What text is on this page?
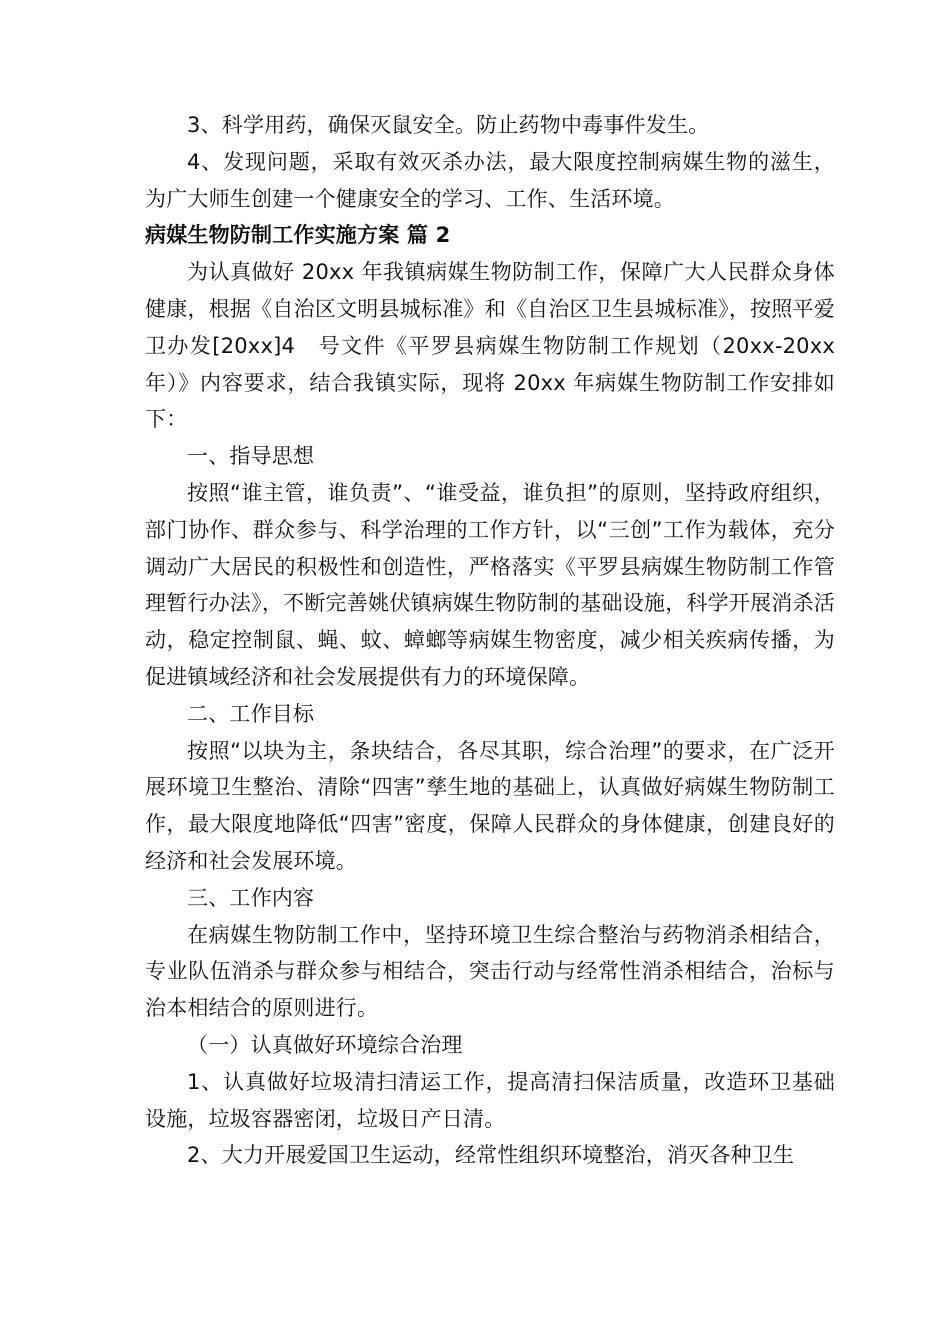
3、科学用药，确保灭鼠安全。防止药物中毒事件发生。

4、发现问题，采取有效灭杀办法，最大限度控制病媒生物的滋生，为广大师生创建一个健康安全的学习、工作、生活环境。

病媒生物防制工作实施方案 篇 2

为认真做好 20xx 年我镇病媒生物防制工作，保障广大人民群众身体健康，根据《自治区文明县城标准》和《自治区卫生县城标准》，按照平爱卫办发[20xx]4　号文件《平罗县病媒生物防制工作规划（20xx-20xx 年）》内容要求，结合我镇实际，现将 20xx 年病媒生物防制工作安排如下：

一、指导思想

按照“谁主管，谁负责”、“谁受益，谁负担”的原则，坚持政府组织，部门协作、群众参与、科学治理的工作方针，以“三创”工作为载体，充分调动广大居民的积极性和创造性，严格落实《平罗县病媒生物防制工作管理暂行办法》，不断完善姚伏镇病媒生物防制的基础设施，科学开展消杀活动，稳定控制鼠、蝇、蚊、蟑螂等病媒生物密度，减少相关疾病传播，为促进镇域经济和社会发展提供有力的环境保障。

二、工作目标

按照“以块为主，条块结合，各尽其职，综合治理”的要求，在广泛开展环境卫生整治、清除“四害”孳生地的基础上，认真做好病媒生物防制工作，最大限度地降低“四害”密度，保障人民群众的身体健康，创建良好的经济和社会发展环境。

三、工作内容

在病媒生物防制工作中，坚持环境卫生综合整治与药物消杀相结合，专业队伍消杀与群众参与相结合，突击行动与经常性消杀相结合，治标与治本相结合的原则进行。

（一）认真做好环境综合治理

1、认真做好垃圾清扫清运工作，提高清扫保洁质量，改造环卫基础设施，垃圾容器密闭，垃圾日产日清。

2、大力开展爱国卫生运动，经常性组织环境整治，消灭各种卫生
